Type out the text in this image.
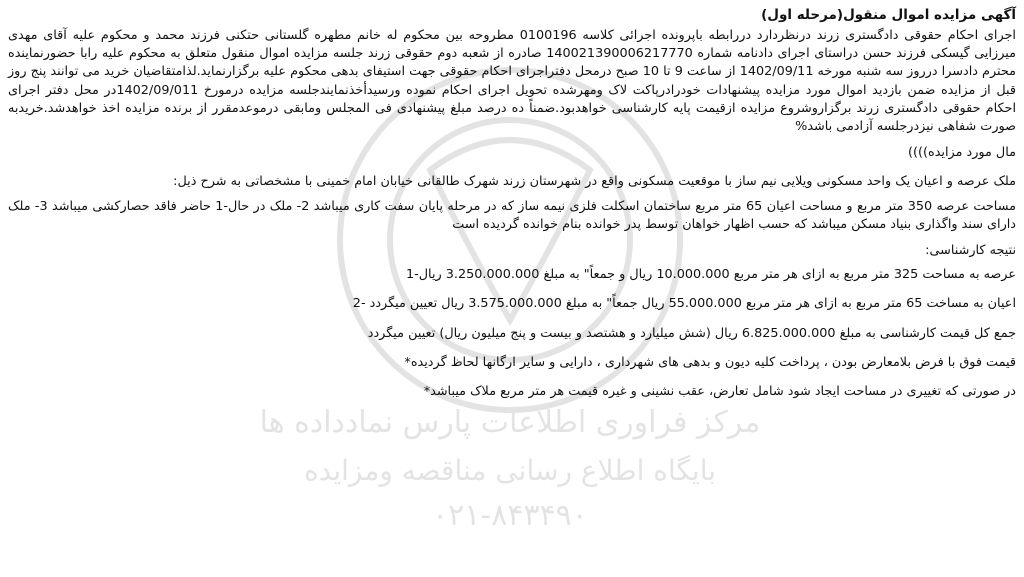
مرکز فراوری اطلاعات پارس نمادداده ها
بایگاه اطلاع رسانی مناقصه ومزایده
۰۲۱-۸۴۳۴۹۰
آگهی مزایده اموال منقول(مرحله اول)

اجرای احکام حقوقی دادگستری زرند درنظردارد دررابطه باپرونده اجرائی کلاسه 0100196 مطروحه بین محکوم له خانم مطهره گلستانی حتکنی فرزند محمد و محکوم علیه آقای مهدی میرزایی گیسکی فرزند حسن دراستای اجرای دادنامه شماره 140021390006217770 صادره از شعبه دوم حقوقی زرند جلسه مزایده اموال منقول متعلق به محکوم علیه رابا حضورنماینده محترم دادسرا درروز سه شنبه مورخه 1402/09/11 از ساعت 9 تا 10 صبح درمحل دفتراجرای احکام حقوقی جهت استیفای بدهی محکوم علیه برگزارنماید.لذامتقاضیان خرید می توانند پنج روز قبل از مزایده ضمن بازدید اموال مورد مزایده پیشنهادات خودرادرپاکت لاک ومهرشده تحویل اجرای احکام نموده ورسیدأخذنمایندجلسه مزایده درمورخ 1402/09/011در محل دفتر اجرای احکام حقوقی دادگستری زرند برگزاروشروع مزایده ازقیمت پایه کارشناسی خواهدبود.ضمناً ده درصد مبلغ پیشنهادی فی المجلس ومابقی درموعدمقرر از برنده مزایده اخذ خواهدشد.خریدبه صورت شفاهی نیزدرجلسه آزادمی باشد%

مال مورد مزایده))))

ملک عرصه و اعیان یک واحد مسکونی ویلایی نیم ساز با موقعیت مسکونی واقع در شهرستان زرند شهرک طالقانی خیابان امام خمینی با مشخصاتی به شرح ذیل:

مساحت عرصه 350 متر مربع و مساحت اعیان 65 متر مربع ساختمان اسکلت فلزی نیمه ساز که در مرحله پایان سفت کاری میباشد 2- ملک در حال-1 حاضر فاقد حصارکشی میباشد 3- ملک دارای سند واگذاری بنیاد مسکن میباشد که حسب اظهار خواهان توسط پدر خوانده بنام خوانده گردیده است

نتیجه کارشناسی:
عرصه به مساحت 325 متر مربع به ازای هر متر مربع 10.000.000 ریال و جمعاً" به مبلغ 3.250.000.000 ریال-1
اعیان به مساخت 65 متر مربع به ازای هر متر مربع 55.000.000 ریال جمعاً" به مبلغ 3.575.000.000 ریال تعیین میگردد -2
جمع کل قیمت کارشناسی به مبلغ 6.825.000.000 ریال (شش میلیارد و هشتصد و بیست و پنج میلیون ریال) تعیین میگردد
قیمت فوق با فرض بلامعارض بودن ، پرداخت کلیه دیون و بدهی های شهرداری ، دارایی و سایر ارگانها لحاظ گردیده*
در صورتی که تغییری در مساحت ایجاد شود شامل تعارض، عقب نشینی و غیره قیمت هر متر مربع ملاک میباشد*
